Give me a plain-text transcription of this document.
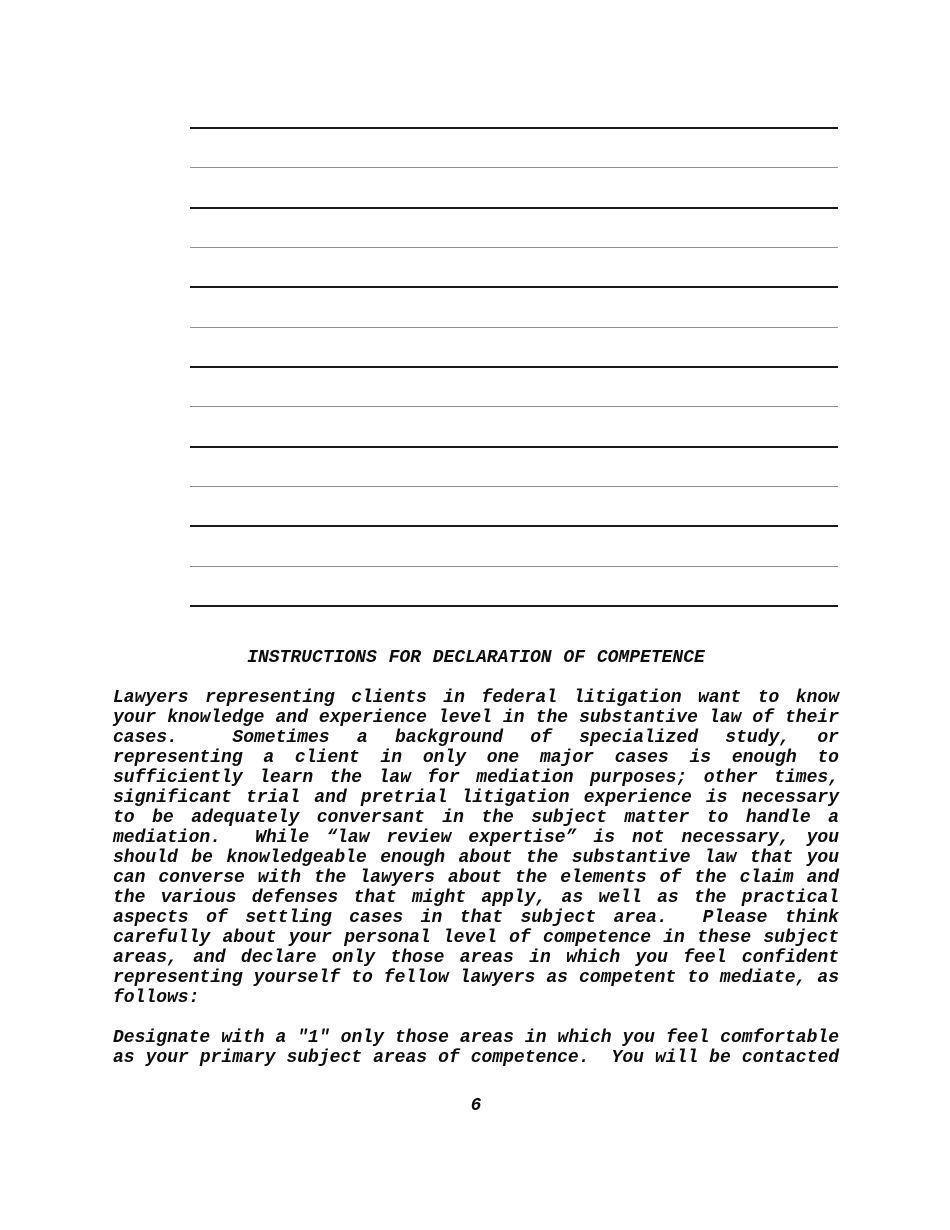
INSTRUCTIONS FOR DECLARATION OF COMPETENCE
Lawyers representing clients in federal litigation want to know
your knowledge and experience level in the substantive law of their
cases.  Sometimes a background of specialized study, or
representing a client in only one major cases is enough to
sufficiently learn the law for mediation purposes; other times,
significant trial and pretrial litigation experience is necessary
to be adequately conversant in the subject matter to handle a
mediation.  While “law review expertise” is not necessary, you
should be knowledgeable enough about the substantive law that you
can converse with the lawyers about the elements of the claim and
the various defenses that might apply, as well as the practical
aspects of settling cases in that subject area.  Please think
carefully about your personal level of competence in these subject
areas, and declare only those areas in which you feel confident
representing yourself to fellow lawyers as competent to mediate, as
follows:
Designate with a "1" only those areas in which you feel comfortable
as your primary subject areas of competence.  You will be contacted
6
